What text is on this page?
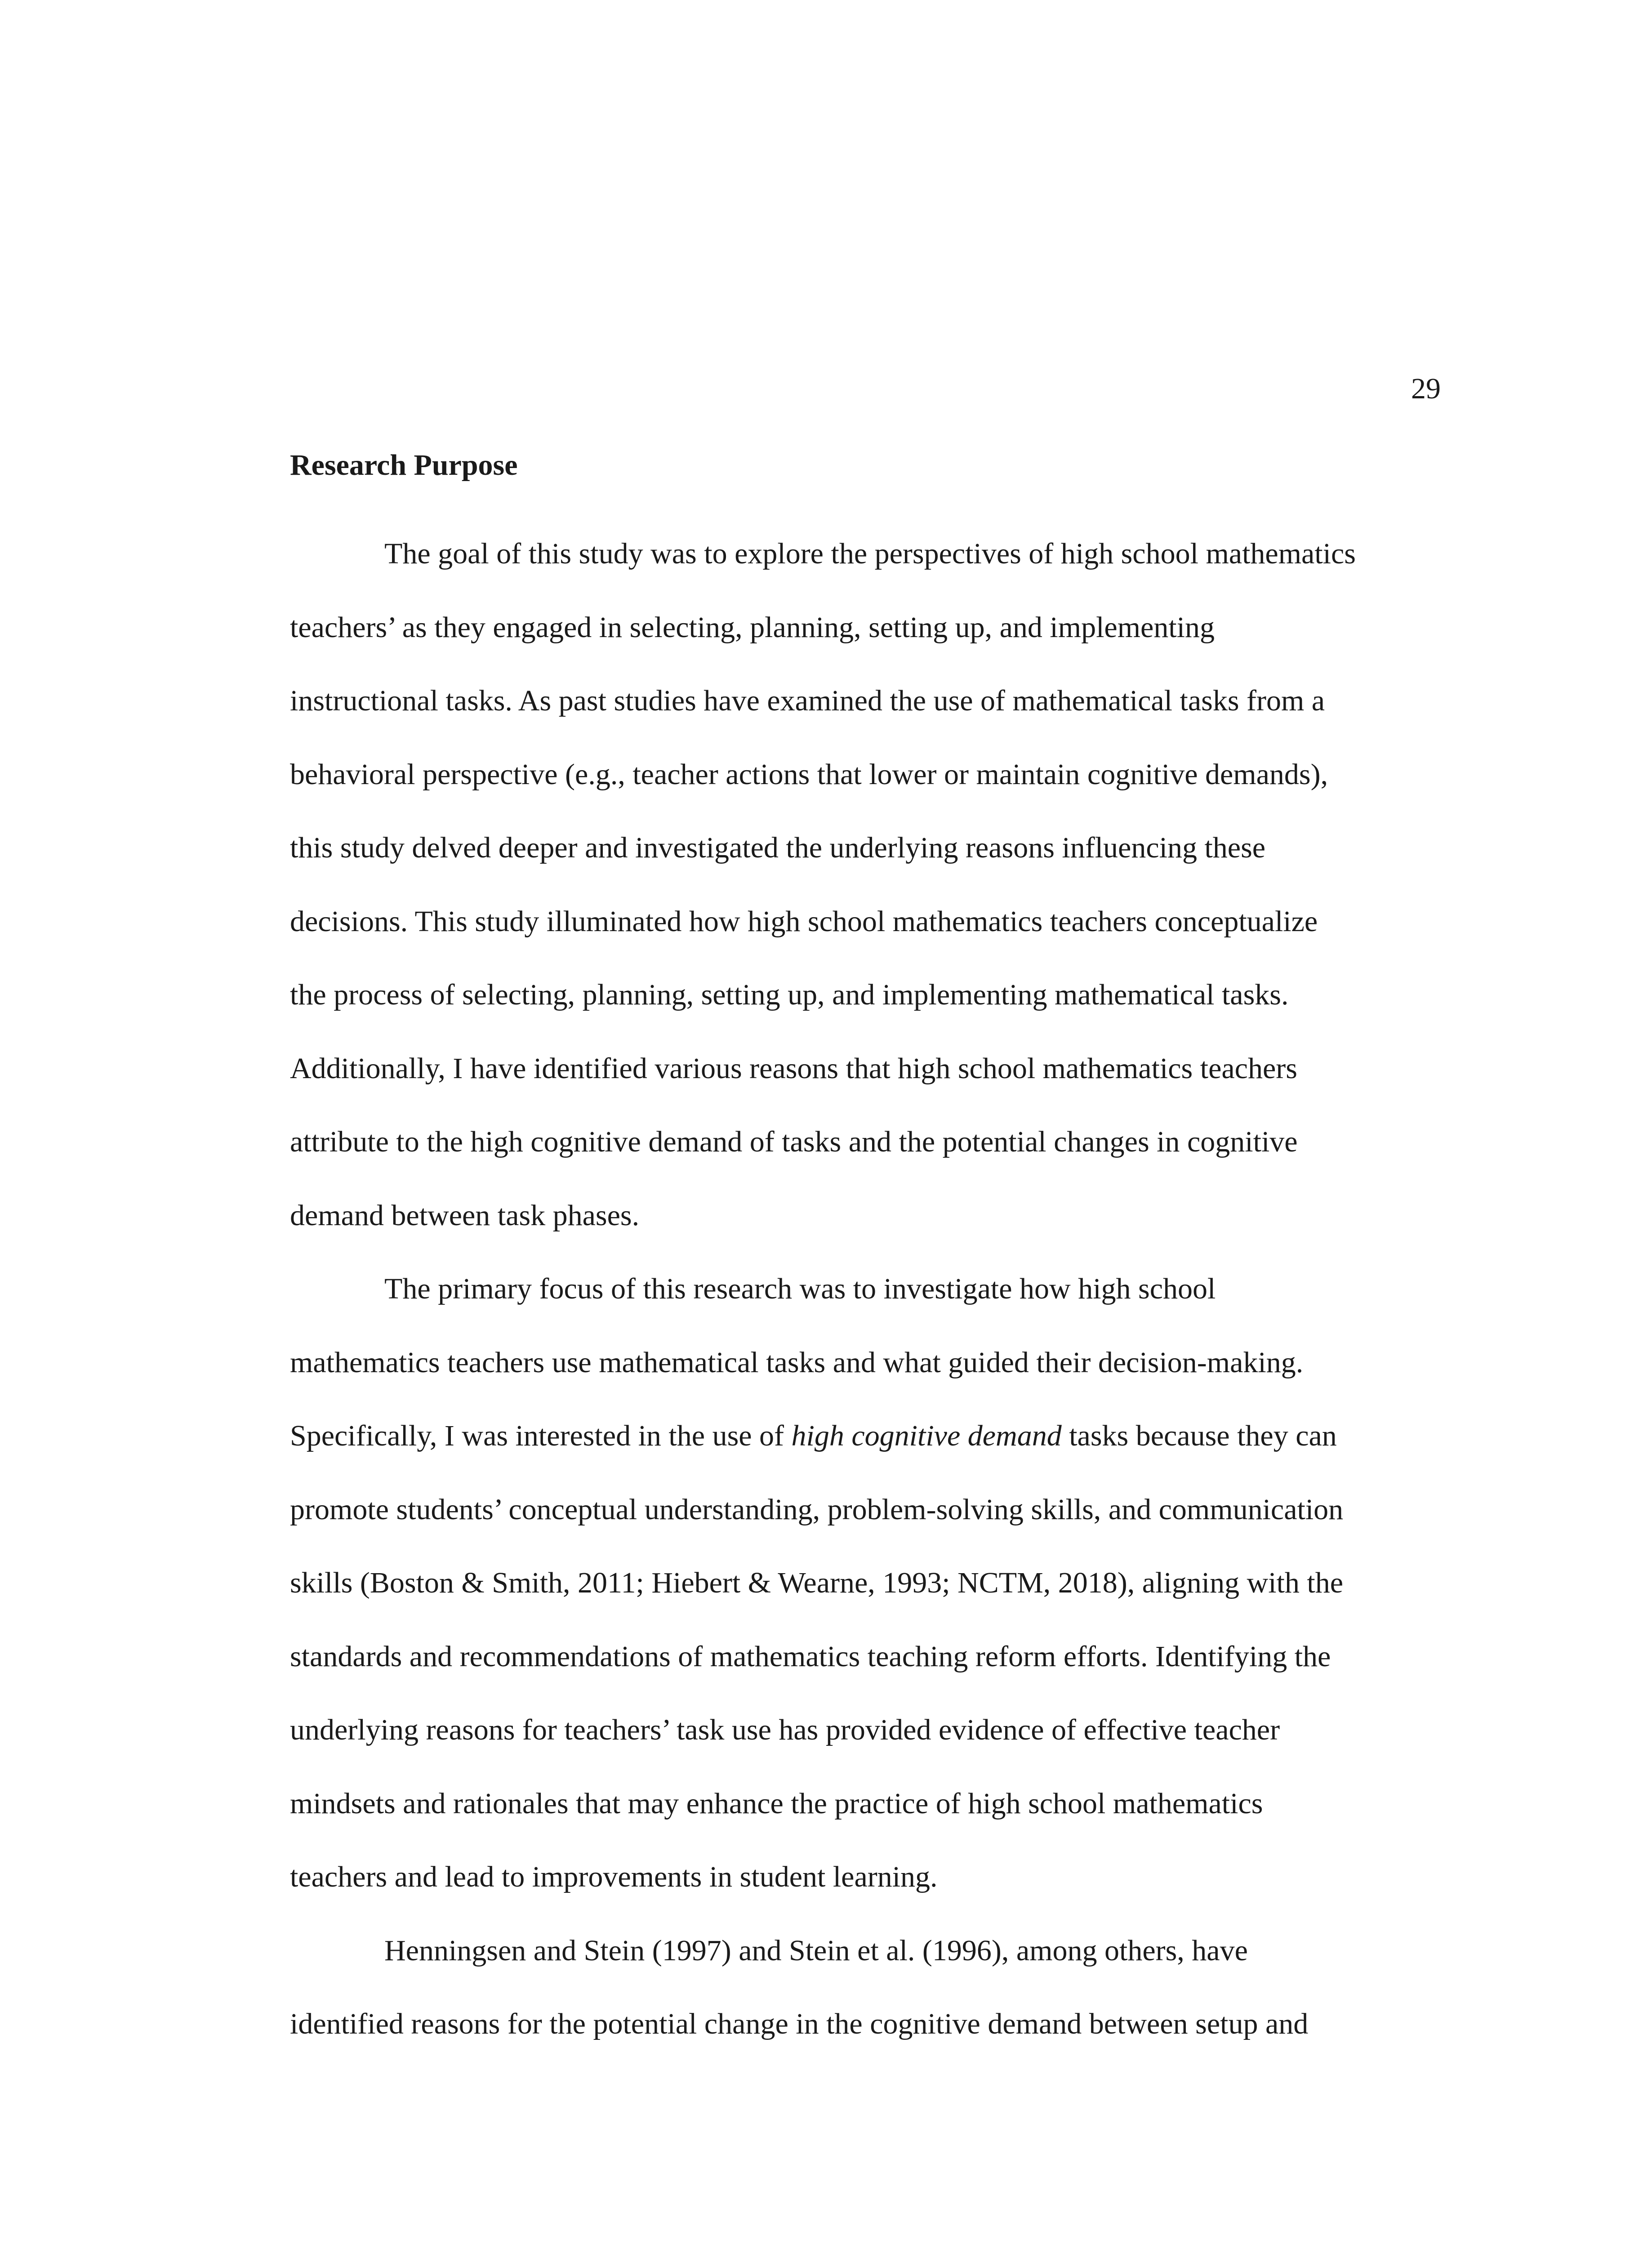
29

Research Purpose
The goal of this study was to explore the perspectives of high school mathematics
teachers’ as they engaged in selecting, planning, setting up, and implementing
instructional tasks. As past studies have examined the use of mathematical tasks from a
behavioral perspective (e.g., teacher actions that lower or maintain cognitive demands),
this study delved deeper and investigated the underlying reasons influencing these
decisions. This study illuminated how high school mathematics teachers conceptualize
the process of selecting, planning, setting up, and implementing mathematical tasks.
Additionally, I have identified various reasons that high school mathematics teachers
attribute to the high cognitive demand of tasks and the potential changes in cognitive
demand between task phases.
The primary focus of this research was to investigate how high school
mathematics teachers use mathematical tasks and what guided their decision-making.
Specifically, I was interested in the use of high cognitive demand tasks because they can
promote students’ conceptual understanding, problem-solving skills, and communication
skills (Boston & Smith, 2011; Hiebert & Wearne, 1993; NCTM, 2018), aligning with the
standards and recommendations of mathematics teaching reform efforts. Identifying the
underlying reasons for teachers’ task use has provided evidence of effective teacher
mindsets and rationales that may enhance the practice of high school mathematics
teachers and lead to improvements in student learning.
Henningsen and Stein (1997) and Stein et al. (1996), among others, have
identified reasons for the potential change in the cognitive demand between setup and
